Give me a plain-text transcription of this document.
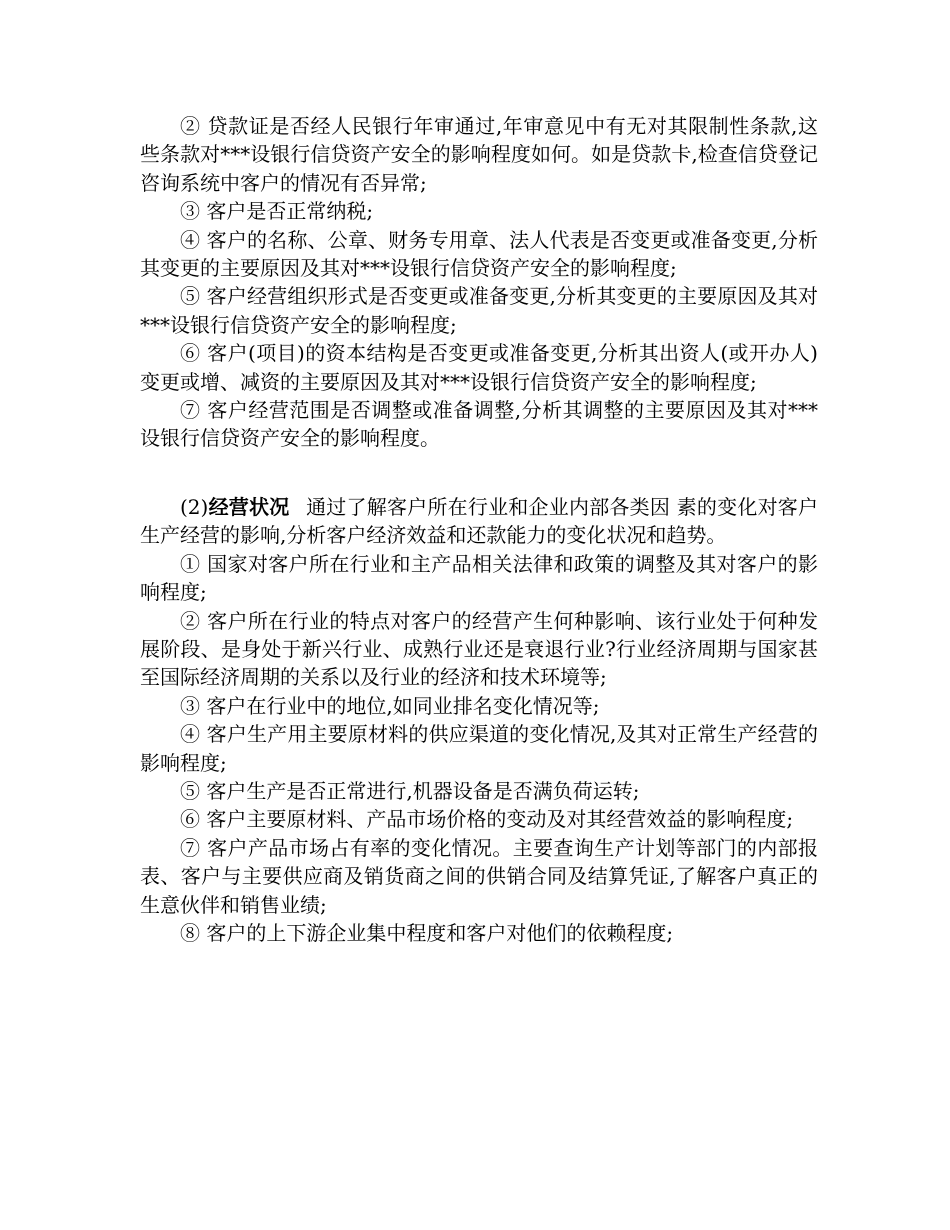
② 贷款证是否经人民银行年审通过,年审意见中有无对其限制性条款,这些条款对***设银行信贷资产安全的影响程度如何。如是贷款卡,检查信贷登记咨询系统中客户的情况有否异常;

③ 客户是否正常纳税;

④ 客户的名称、公章、财务专用章、法人代表是否变更或准备变更,分析其变更的主要原因及其对***设银行信贷资产安全的影响程度;

⑤ 客户经营组织形式是否变更或准备变更,分析其变更的主要原因及其对***设银行信贷资产安全的影响程度;

⑥ 客户(项目)的资本结构是否变更或准备变更,分析其出资人(或开办人)变更或增、减资的主要原因及其对***设银行信贷资产安全的影响程度;

⑦ 客户经营范围是否调整或准备调整,分析其调整的主要原因及其对***设银行信贷资产安全的影响程度。

(2)经营状况 通过了解客户所在行业和企业内部各类因 素的变化对客户生产经营的影响,分析客户经济效益和还款能力的变化状况和趋势。

① 国家对客户所在行业和主产品相关法律和政策的调整及其对客户的影响程度;

② 客户所在行业的特点对客户的经营产生何种影响、该行业处于何种发展阶段、是身处于新兴行业、成熟行业还是衰退行业?行业经济周期与国家甚至国际经济周期的关系以及行业的经济和技术环境等;

③ 客户在行业中的地位,如同业排名变化情况等;

④ 客户生产用主要原材料的供应渠道的变化情况,及其对正常生产经营的影响程度;

⑤ 客户生产是否正常进行,机器设备是否满负荷运转;

⑥ 客户主要原材料、产品市场价格的变动及对其经营效益的影响程度;

⑦ 客户产品市场占有率的变化情况。主要查询生产计划等部门的内部报表、客户与主要供应商及销货商之间的供销合同及结算凭证,了解客户真正的生意伙伴和销售业绩;

⑧ 客户的上下游企业集中程度和客户对他们的依赖程度;
